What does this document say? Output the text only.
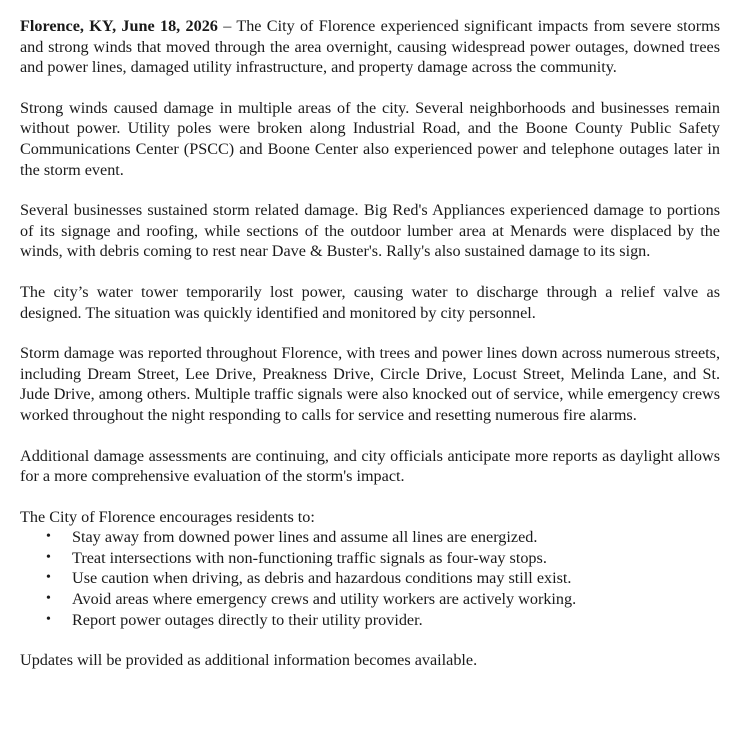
Florence, KY, June 18, 2026 – The City of Florence experienced significant impacts from severe storms and strong winds that moved through the area overnight, causing widespread power outages, downed trees and power lines, damaged utility infrastructure, and property damage across the community.

Strong winds caused damage in multiple areas of the city. Several neighborhoods and businesses remain without power. Utility poles were broken along Industrial Road, and the Boone County Public Safety Communications Center (PSCC) and Boone Center also experienced power and telephone outages later in the storm event.

Several businesses sustained storm related damage. Big Red's Appliances experienced damage to portions of its signage and roofing, while sections of the outdoor lumber area at Menards were displaced by the winds, with debris coming to rest near Dave & Buster's. Rally's also sustained damage to its sign.

The city’s water tower temporarily lost power, causing water to discharge through a relief valve as designed. The situation was quickly identified and monitored by city personnel.

Storm damage was reported throughout Florence, with trees and power lines down across numerous streets, including Dream Street, Lee Drive, Preakness Drive, Circle Drive, Locust Street, Melinda Lane, and St. Jude Drive, among others. Multiple traffic signals were also knocked out of service, while emergency crews worked throughout the night responding to calls for service and resetting numerous fire alarms.

Additional damage assessments are continuing, and city officials anticipate more reports as daylight allows for a more comprehensive evaluation of the storm's impact.

The City of Florence encourages residents to:

• Stay away from downed power lines and assume all lines are energized.
• Treat intersections with non-functioning traffic signals as four-way stops.
• Use caution when driving, as debris and hazardous conditions may still exist.
• Avoid areas where emergency crews and utility workers are actively working.
• Report power outages directly to their utility provider.

Updates will be provided as additional information becomes available.
